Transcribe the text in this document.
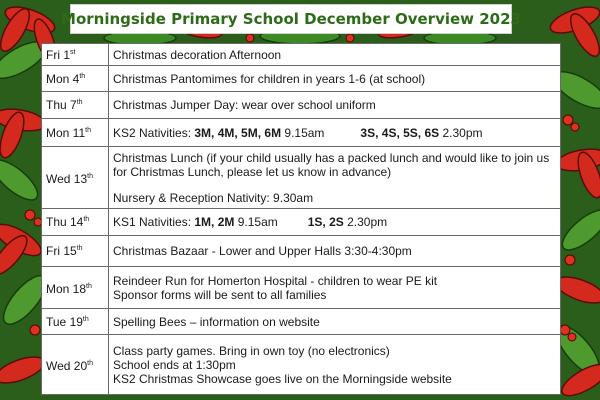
Morningside Primary School December Overview 2023
Fri 1st	Christmas decoration Afternoon
Mon 4th	Christmas Pantomimes for children in years 1-6 (at school)
Thu 7th	Christmas Jumper Day: wear over school uniform
Mon 11th	KS2 Nativities: 3M, 4M, 5M, 6M 9.15am 3S, 4S, 5S, 6S 2.30pm
Wed 13th	Christmas Lunch (if your child usually has a packed lunch and would like to join us for Christmas Lunch, please let us know in advance)
Nursery & Reception Nativity: 9.30am

Thu 14th	KS1 Nativities: 1M, 2M 9.15am 1S, 2S 2.30pm
Fri 15th	Christmas Bazaar - Lower and Upper Halls 3:30-4:30pm
Mon 18th	Reindeer Run for Homerton Hospital - children to wear PE kit
Sponsor forms will be sent to all families

Tue 19th	Spelling Bees – information on website
Wed 20th	Class party games. Bring in own toy (no electronics)
School ends at 1:30pm
KS2 Christmas Showcase goes live on the Morningside website
